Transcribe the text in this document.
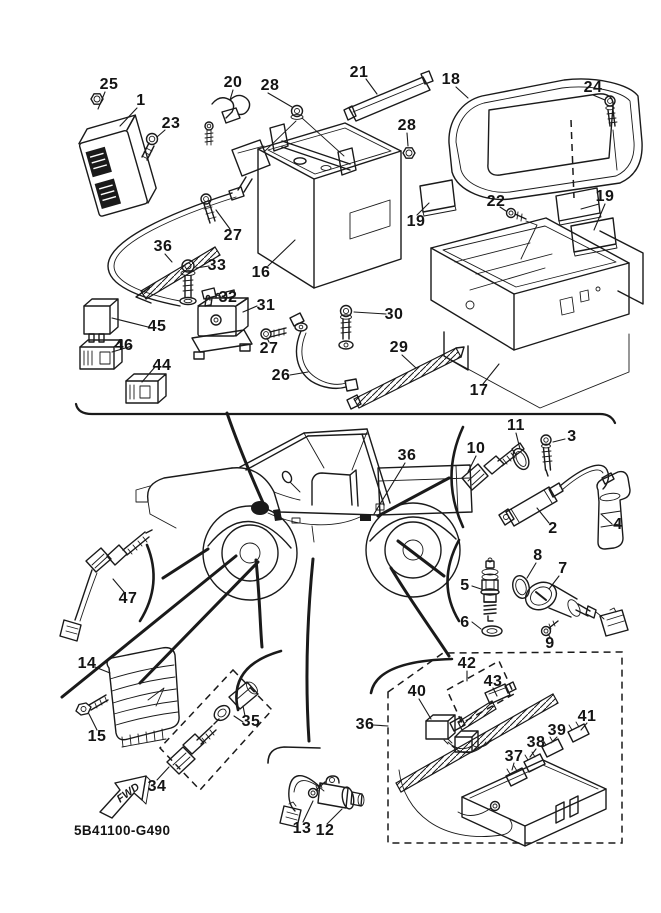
FWD
25
1
23
20 28
21	18	24
28
27
16
19
22	19
36
33
32 31
45
46
44
27
26
30
29
17
36
11
10
3
2	4
8
7
5
6
9
47
14
15
34
35
13 12
42
43
40
36
37
38
39
41
5B41100-G490
